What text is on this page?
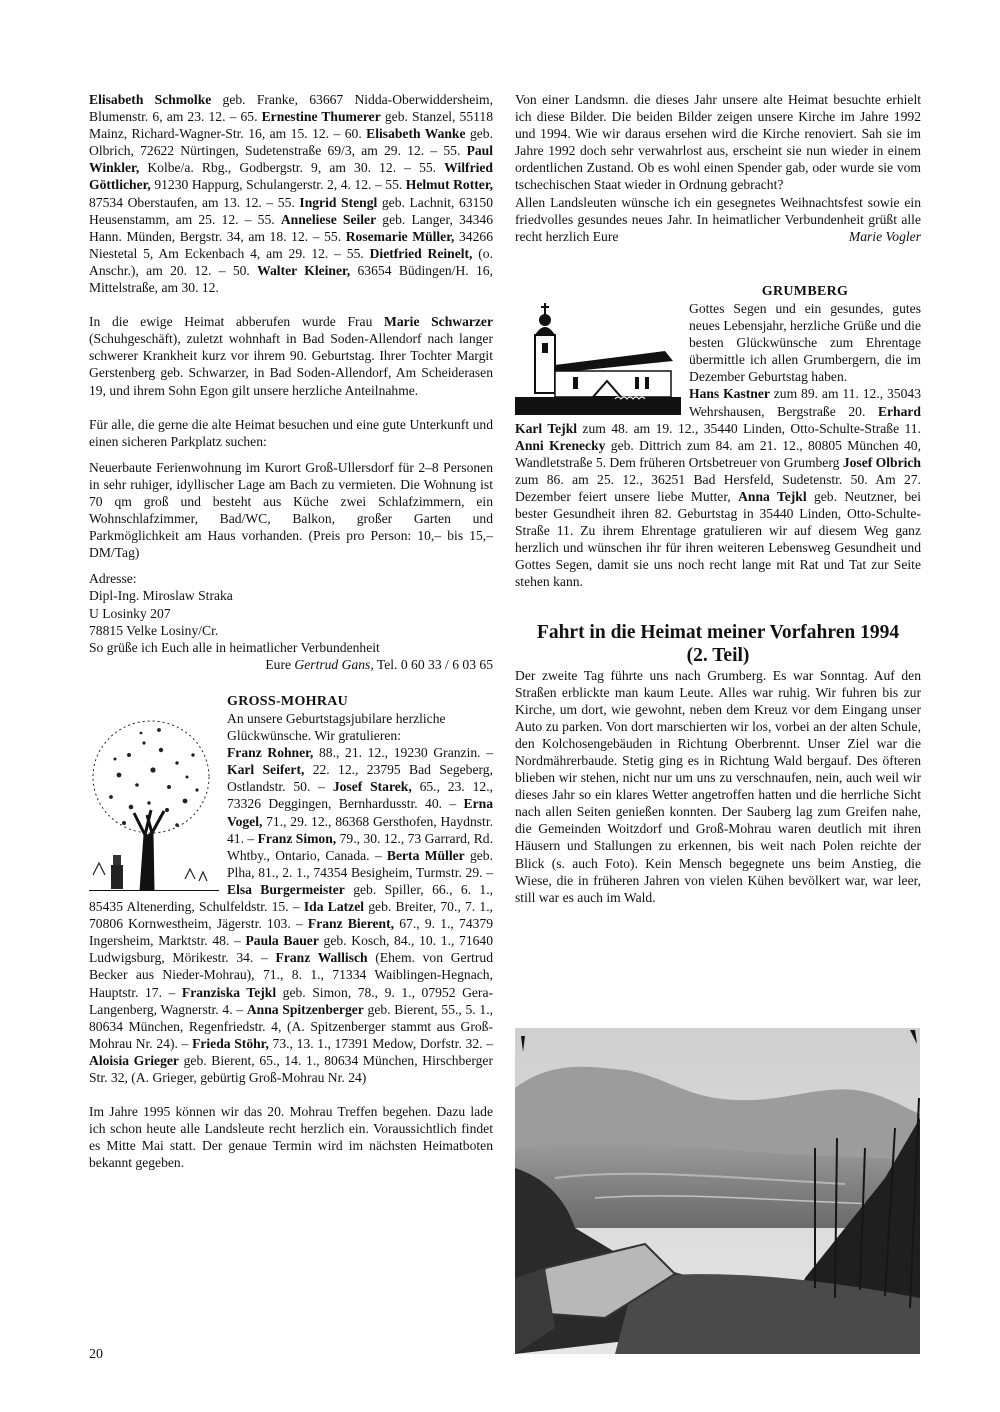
Elisabeth Schmolke geb. Franke, 63667 Nidda-Oberwiddersheim, Blumenstr. 6, am 23. 12. – 65. Ernestine Thumerer geb. Stanzel, 55118 Mainz, Richard-Wagner-Str. 16, am 15. 12. – 60. Elisabeth Wanke geb. Olbrich, 72622 Nürtingen, Sudetenstraße 69/3, am 29. 12. – 55. Paul Winkler, Kolbe/a. Rbg., Godbergstr. 9, am 30. 12. – 55. Wilfried Göttlicher, 91230 Happurg, Schulangerstr. 2, 4. 12. – 55. Helmut Rotter, 87534 Oberstaufen, am 13. 12. – 55. Ingrid Stengl geb. Lachnit, 63150 Heusenstamm, am 25. 12. – 55. Anneliese Seiler geb. Langer, 34346 Hann. Münden, Bergstr. 34, am 18. 12. – 55. Rosemarie Müller, 34266 Niestetal 5, Am Eckenbach 4, am 29. 12. – 55. Dietfried Reinelt, (o. Anschr.), am 20. 12. – 50. Walter Kleiner, 63654 Büdingen/H. 16, Mittelstraße, am 30. 12.

In die ewige Heimat abberufen wurde Frau Marie Schwarzer (Schuhgeschäft), zuletzt wohnhaft in Bad Soden-Allendorf nach langer schwerer Krankheit kurz vor ihrem 90. Geburtstag. Ihrer Tochter Margit Gerstenberg geb. Schwarzer, in Bad Soden-Allendorf, Am Scheiderasen 19, und ihrem Sohn Egon gilt unsere herzliche Anteilnahme.

Für alle, die gerne die alte Heimat besuchen und eine gute Unterkunft und einen sicheren Parkplatz suchen:

Neuerbaute Ferienwohnung im Kurort Groß-Ullersdorf für 2–8 Personen in sehr ruhiger, idyllischer Lage am Bach zu vermieten. Die Wohnung ist 70 qm groß und besteht aus Küche zwei Schlafzimmern, ein Wohnschlafzimmer, Bad/WC, Balkon, großer Garten und Parkmöglichkeit am Haus vorhanden. (Preis pro Person: 10,– bis 15,– DM/Tag)

Adresse:

Dipl-Ing. Miroslaw Straka

U Losinky 207

78815 Velke Losiny/Cr.

So grüße ich Euch alle in heimatlicher Verbundenheit

Eure Gertrud Gans, Tel. 0 60 33 / 6 03 65

GROSS-MOHRAU

An unsere Geburtstagsjubilare herzliche Glückwünsche. Wir gratulieren:

Franz Rohner, 88., 21. 12., 19230 Granzin. – Karl Seifert, 22. 12., 23795 Bad Segeberg, Ostlandstr. 50. – Josef Starek, 65., 23. 12., 73326 Deggingen, Bernhardusstr. 40. – Erna Vogel, 71., 29. 12., 86368 Gersthofen, Haydnstr. 41. – Franz Simon, 79., 30. 12., 73 Garrard, Rd. Whtby., Ontario, Canada. – Berta Müller geb. Plha, 81., 2. 1., 74354 Besigheim, Turmstr. 29. – Elsa Burgermeister geb. Spiller, 66., 6. 1., 85435 Altenerding, Schulfeldstr. 15. – Ida Latzel geb. Breiter, 70., 7. 1., 70806 Kornwestheim, Jägerstr. 103. – Franz Bierent, 67., 9. 1., 74379 Ingersheim, Marktstr. 48. – Paula Bauer geb. Kosch, 84., 10. 1., 71640 Ludwigsburg, Mörikestr. 34. – Franz Wallisch (Ehem. von Gertrud Becker aus Nieder-Mohrau), 71., 8. 1., 71334 Waiblingen-Hegnach, Hauptstr. 17. – Franziska Tejkl geb. Simon, 78., 9. 1., 07952 Gera-Langenberg, Wagnerstr. 4. – Anna Spitzenberger geb. Bierent, 55., 5. 1., 80634 München, Regenfriedstr. 4, (A. Spitzenberger stammt aus Groß-Mohrau Nr. 24). – Frieda Stöhr, 73., 13. 1., 17391 Medow, Dorfstr. 32. – Aloisia Grieger geb. Bierent, 65., 14. 1., 80634 München, Hirschberger Str. 32, (A. Grieger, gebürtig Groß-Mohrau Nr. 24)

Im Jahre 1995 können wir das 20. Mohrau Treffen begehen. Dazu lade ich schon heute alle Landsleute recht herzlich ein. Voraussichtlich findet es Mitte Mai statt. Der genaue Termin wird im nächsten Heimatboten bekannt gegeben.

Von einer Landsmn. die dieses Jahr unsere alte Heimat besuchte erhielt ich diese Bilder. Die beiden Bilder zeigen unsere Kirche im Jahre 1992 und 1994. Wie wir daraus ersehen wird die Kirche renoviert. Sah sie im Jahre 1992 doch sehr verwahrlost aus, erscheint sie nun wieder in einem ordentlichen Zustand. Ob es wohl einen Spender gab, oder wurde sie vom tschechischen Staat wieder in Ordnung gebracht?

Allen Landsleuten wünsche ich ein gesegnetes Weihnachtsfest sowie ein friedvolles gesundes neues Jahr. In heimatlicher Verbundenheit grüßt alle recht herzlich Eure	Marie Vogler

GRUMBERG

Gottes Segen und ein gesundes, gutes neues Lebensjahr, herzliche Grüße und die besten Glückwünsche zum Ehrentage übermittle ich allen Grumbergern, die im Dezember Geburtstag haben.

Hans Kastner zum 89. am 11. 12., 35043 Wehrshausen, Bergstraße 20. Erhard Karl Tejkl zum 48. am 19. 12., 35440 Linden, Otto-Schulte-Straße 11. Anni Krenecky geb. Dittrich zum 84. am 21. 12., 80805 München 40, Wandletstraße 5. Dem früheren Ortsbetreuer von Grumberg Josef Olbrich zum 86. am 25. 12., 36251 Bad Hersfeld, Sudetenstr. 50. Am 27. Dezember feiert unsere liebe Mutter, Anna Tejkl geb. Neutzner, bei bester Gesundheit ihren 82. Geburtstag in 35440 Linden, Otto-Schulte-Straße 11. Zu ihrem Ehrentage gratulieren wir auf diesem Weg ganz herzlich und wünschen ihr für ihren weiteren Lebensweg Gesundheit und Gottes Segen, damit sie uns noch recht lange mit Rat und Tat zur Seite stehen kann.

Fahrt in die Heimat meiner Vorfahren 1994

(2. Teil)

Der zweite Tag führte uns nach Grumberg. Es war Sonntag. Auf den Straßen erblickte man kaum Leute. Alles war ruhig. Wir fuhren bis zur Kirche, um dort, wie gewohnt, neben dem Kreuz vor dem Eingang unser Auto zu parken. Von dort marschierten wir los, vorbei an der alten Schule, den Kolchosengebäuden in Richtung Oberbrennt. Unser Ziel war die Nordmährerbaude. Stetig ging es in Richtung Wald bergauf. Des öfteren blieben wir stehen, nicht nur um uns zu verschnaufen, nein, auch weil wir dieses Jahr so ein klares Wetter angetroffen hatten und die herrliche Sicht nach allen Seiten genießen konnten. Der Sauberg lag zum Greifen nahe, die Gemeinden Woitzdorf und Groß-Mohrau waren deutlich mit ihren Häusern und Stallungen zu erkennen, bis weit nach Polen reichte der Blick (s. auch Foto). Kein Mensch begegnete uns beim Anstieg, die Wiese, die in früheren Jahren von vielen Kühen bevölkert war, war leer, still war es auch im Wald.

20
